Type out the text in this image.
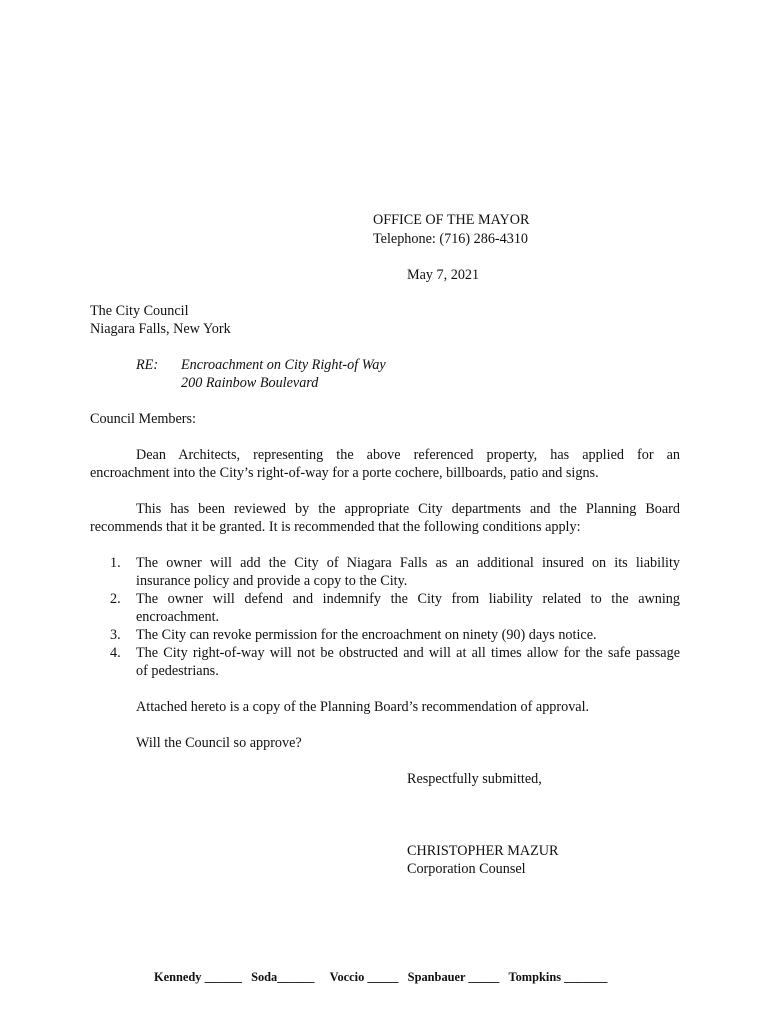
OFFICE OF THE MAYOR
Telephone: (716) 286-4310
May 7, 2021
The City Council
Niagara Falls, New York
RE: Encroachment on City Right-of Way
200 Rainbow Boulevard
Council Members:
Dean Architects, representing the above referenced property, has applied for an
encroachment into the City’s right-of-way for a porte cochere, billboards, patio and signs.
This has been reviewed by the appropriate City departments and the Planning Board
recommends that it be granted. It is recommended that the following conditions apply:
1. The owner will add the City of Niagara Falls as an additional insured on its liability
insurance policy and provide a copy to the City.
2. The owner will defend and indemnify the City from liability related to the awning
encroachment.
3. The City can revoke permission for the encroachment on ninety (90) days notice.
4. The City right-of-way will not be obstructed and will at all times allow for the safe passage
of pedestrians.
Attached hereto is a copy of the Planning Board’s recommendation of approval.
Will the Council so approve?
Respectfully submitted,
CHRISTOPHER MAZUR
Corporation Counsel
Kennedy ______   Soda______     Voccio _____   Spanbauer _____   Tompkins _______
